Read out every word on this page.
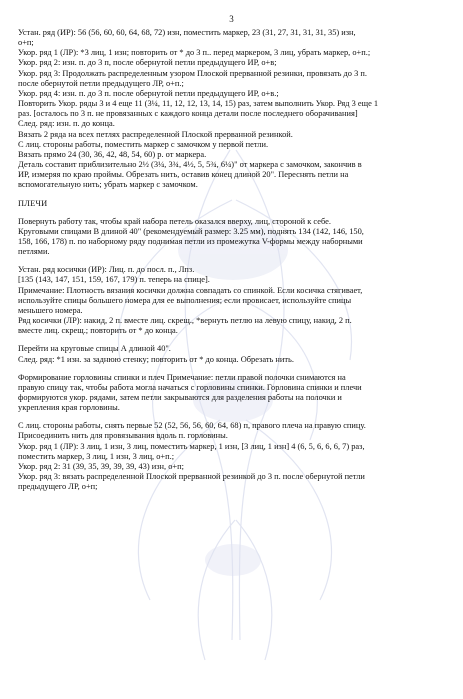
3

Устан. ряд (ИР): 56 (56, 60, 60, 64, 68, 72) изн, поместить маркер, 23 (31, 27, 31, 31, 31, 35) изн,
о+п;

Укор. ряд 1 (ЛР): *3 лиц, 1 изн; повторить от * до 3 п.. перед маркером, 3 лиц, убрать маркер, о+п.;

Укор. ряд 2: изн. п. до 3 п, после обернутой петли предыдущего ИР, о+в;

Укор. ряд 3: Продолжать распределенным узором Плоской прерванной резинки, провязать до 3 п.
после обернутой петли предыдущего ЛР, о+п.;

Укор. ряд 4: изн. п. до 3 п. после обернутой петли предыдущего ИР, о+в.;

Повторить Укор. ряды 3 и 4 еще 11 (3¼, 11, 12, 12, 13, 14, 15) раз, затем выполнить Укор. Ряд 3 еще 1
раз. [осталось по 3 п. не провязанных с каждого конца детали после последнего оборачивания]

След. ряд: изн. п. до конца.

Вязать 2 ряда на всех петлях распределенной Плоской прерванной резинкой.

С лиц. стороны работы, поместить маркер с замочком у первой петли.

Вязать прямо 24 (30, 36, 42, 48, 54, 60) р. от маркера.

Деталь составит приблизительно 2½ (3¼, 3¾, 4½, 5, 5¾, 6¼)" от маркера с замочком, закончив в
ИР, измеряя по краю проймы. Обрезать нить, оставив конец длиной 20". Переснять петли на
вспомогательную нить; убрать маркер с замочком.

ПЛЕЧИ

Повернуть работу так, чтобы край набора петель оказался вверху, лиц, стороной к себе.
Круговыми спицами В длиной 40" (рекомендуемый размер: 3.25 мм), поднять 134 (142, 146, 150,
158, 166, 178) п. по наборному ряду поднимая петли из промежутка V-формы между наборными
петлями.

Устан. ряд косички (ИР): Лиц. п. до посл. п., Лпз.
[135 (143, 147, 151, 159, 167, 179) п. теперь на спице].

Примечание: Плотность вязания косички должна совпадать со спинкой. Если косичка стягивает,
используйте спицы большего номера для ее выполнения; если провисает, используйте спицы
меньшего номера.

Ряд косички (ЛР): накид, 2 п. вместе лиц. скрещ., *вернуть петлю на левую спицу, накид, 2 п.
вместе лиц. скрещ.; повторить от * до конца.

Перейти на круговые спицы А длиной 40".

След. ряд: *1 изн. за заднюю стенку; повторить от * до конца. Обрезать нить.

Формирование горловины спинки и плеч Примечание: петли правой полочки снимаются на
правую спицу так, чтобы работа могла начаться с горловины спинки. Горловина спинки и плечи
формируются укор. рядами, затем петли закрываются для разделения работы на полочки и
укрепления края горловины.

С лиц. стороны работы, снять первые 52 (52, 56, 56, 60, 64, 68) п, правого плеча на правую спицу.
Присоединить нить для провязывания вдоль п. горловины.

Укор. ряд 1 (ЛР): 3 лиц, 1 изн, 3 лиц, поместить маркер, 1 изн, [3 лиц, 1 изн] 4 (6, 5, 6, 6, 6, 7) раз,
поместить маркер, 3 лиц, 1 изн, 3 лиц, о+п.;

Укор. ряд 2: 31 (39, 35, 39, 39, 39, 43) изн, о+п;

Укор. ряд 3: вязать распределенной Плоской прерванной резинкой до 3 п. после обернутой петли
предыдущего ЛР, о+п;
